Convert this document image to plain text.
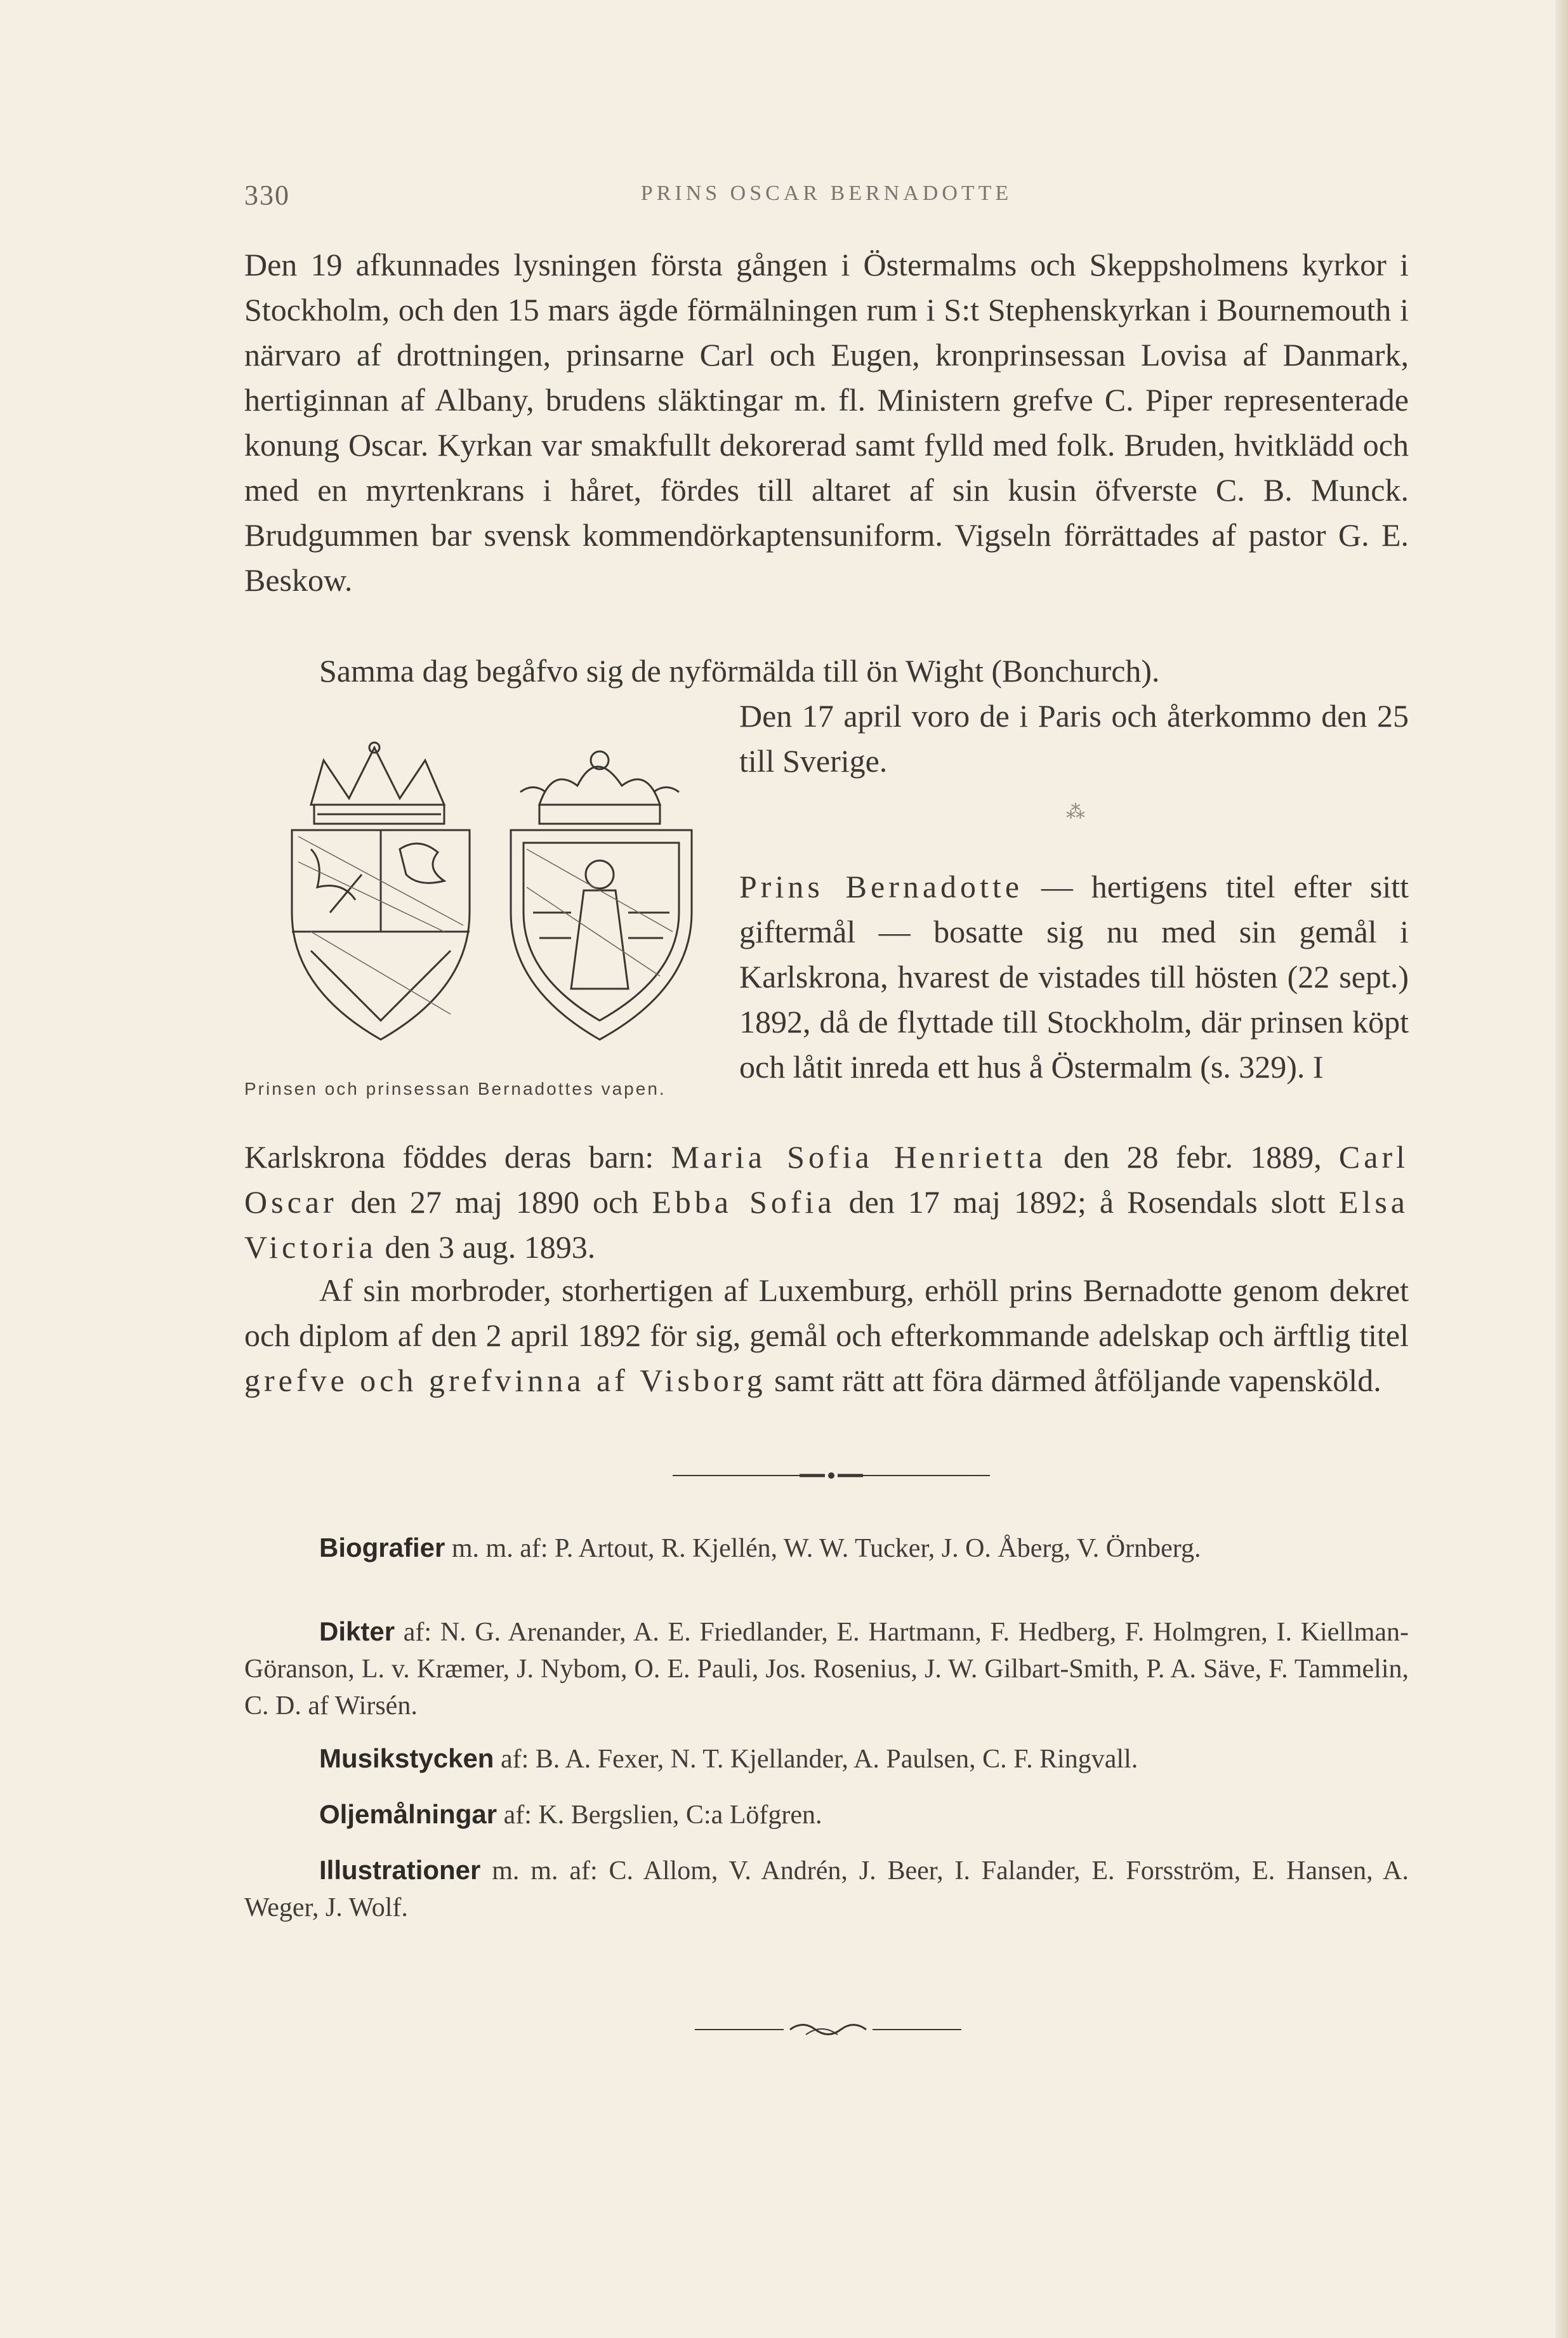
330	PRINS OSCAR BERNADOTTE

Den 19 afkunnades lysningen första gången i Östermalms och Skeppsholmens kyrkor i Stockholm, och den 15 mars ägde förmälningen rum i S:t Stephenskyrkan i Bournemouth i närvaro af drottningen, prinsarne Carl och Eugen, kronprinsessan Lovisa af Danmark, hertiginnan af Albany, brudens släktingar m. fl. Ministern grefve C. Piper representerade konung Oscar. Kyrkan var smakfullt dekorerad samt fylld med folk. Bruden, hvitklädd och med en myrtenkrans i håret, fördes till altaret af sin kusin öfverste C. B. Munck. Brudgummen bar svensk kommendörkaptensuniform. Vigseln förrättades af pastor G. E. Beskow.

Samma dag begåfvo sig de nyförmälda till ön Wight (Bonchurch).

Den 17 april voro de i Paris och återkommo den 25 till Sverige.

⁂

Prinsen och prinsessan Bernadottes vapen.

Prins Bernadotte — hertigens titel efter sitt giftermål — bosatte sig nu med sin gemål i Karlskrona, hvarest de vistades till hösten (22 sept.) 1892, då de flyttade till Stockholm, där prinsen köpt och låtit inreda ett hus å Östermalm (s. 329). I

Karlskrona föddes deras barn: Maria Sofia Henrietta den 28 febr. 1889, Carl Oscar den 27 maj 1890 och Ebba Sofia den 17 maj 1892; å Rosendals slott Elsa Victoria den 3 aug. 1893.

Af sin morbroder, storhertigen af Luxemburg, erhöll prins Bernadotte genom dekret och diplom af den 2 april 1892 för sig, gemål och efterkommande adelskap och ärftlig titel grefve och grefvinna af Visborg samt rätt att föra därmed åtföljande vapensköld.

Biografier m. m. af: P. Artout, R. Kjellén, W. W. Tucker, J. O. Åberg, V. Örnberg.

Dikter af: N. G. Arenander, A. E. Friedlander, E. Hartmann, F. Hedberg, F. Holmgren, I. Kiellman-Göranson, L. v. Kræmer, J. Nybom, O. E. Pauli, Jos. Rosenius, J. W. Gilbart-Smith, P. A. Säve, F. Tammelin, C. D. af Wirsén.

Musikstycken af: B. A. Fexer, N. T. Kjellander, A. Paulsen, C. F. Ringvall.

Oljemålningar af: K. Bergslien, C:a Löfgren.

Illustrationer m. m. af: C. Allom, V. Andrén, J. Beer, I. Falander, E. Forsström, E. Hansen, A. Weger, J. Wolf.
